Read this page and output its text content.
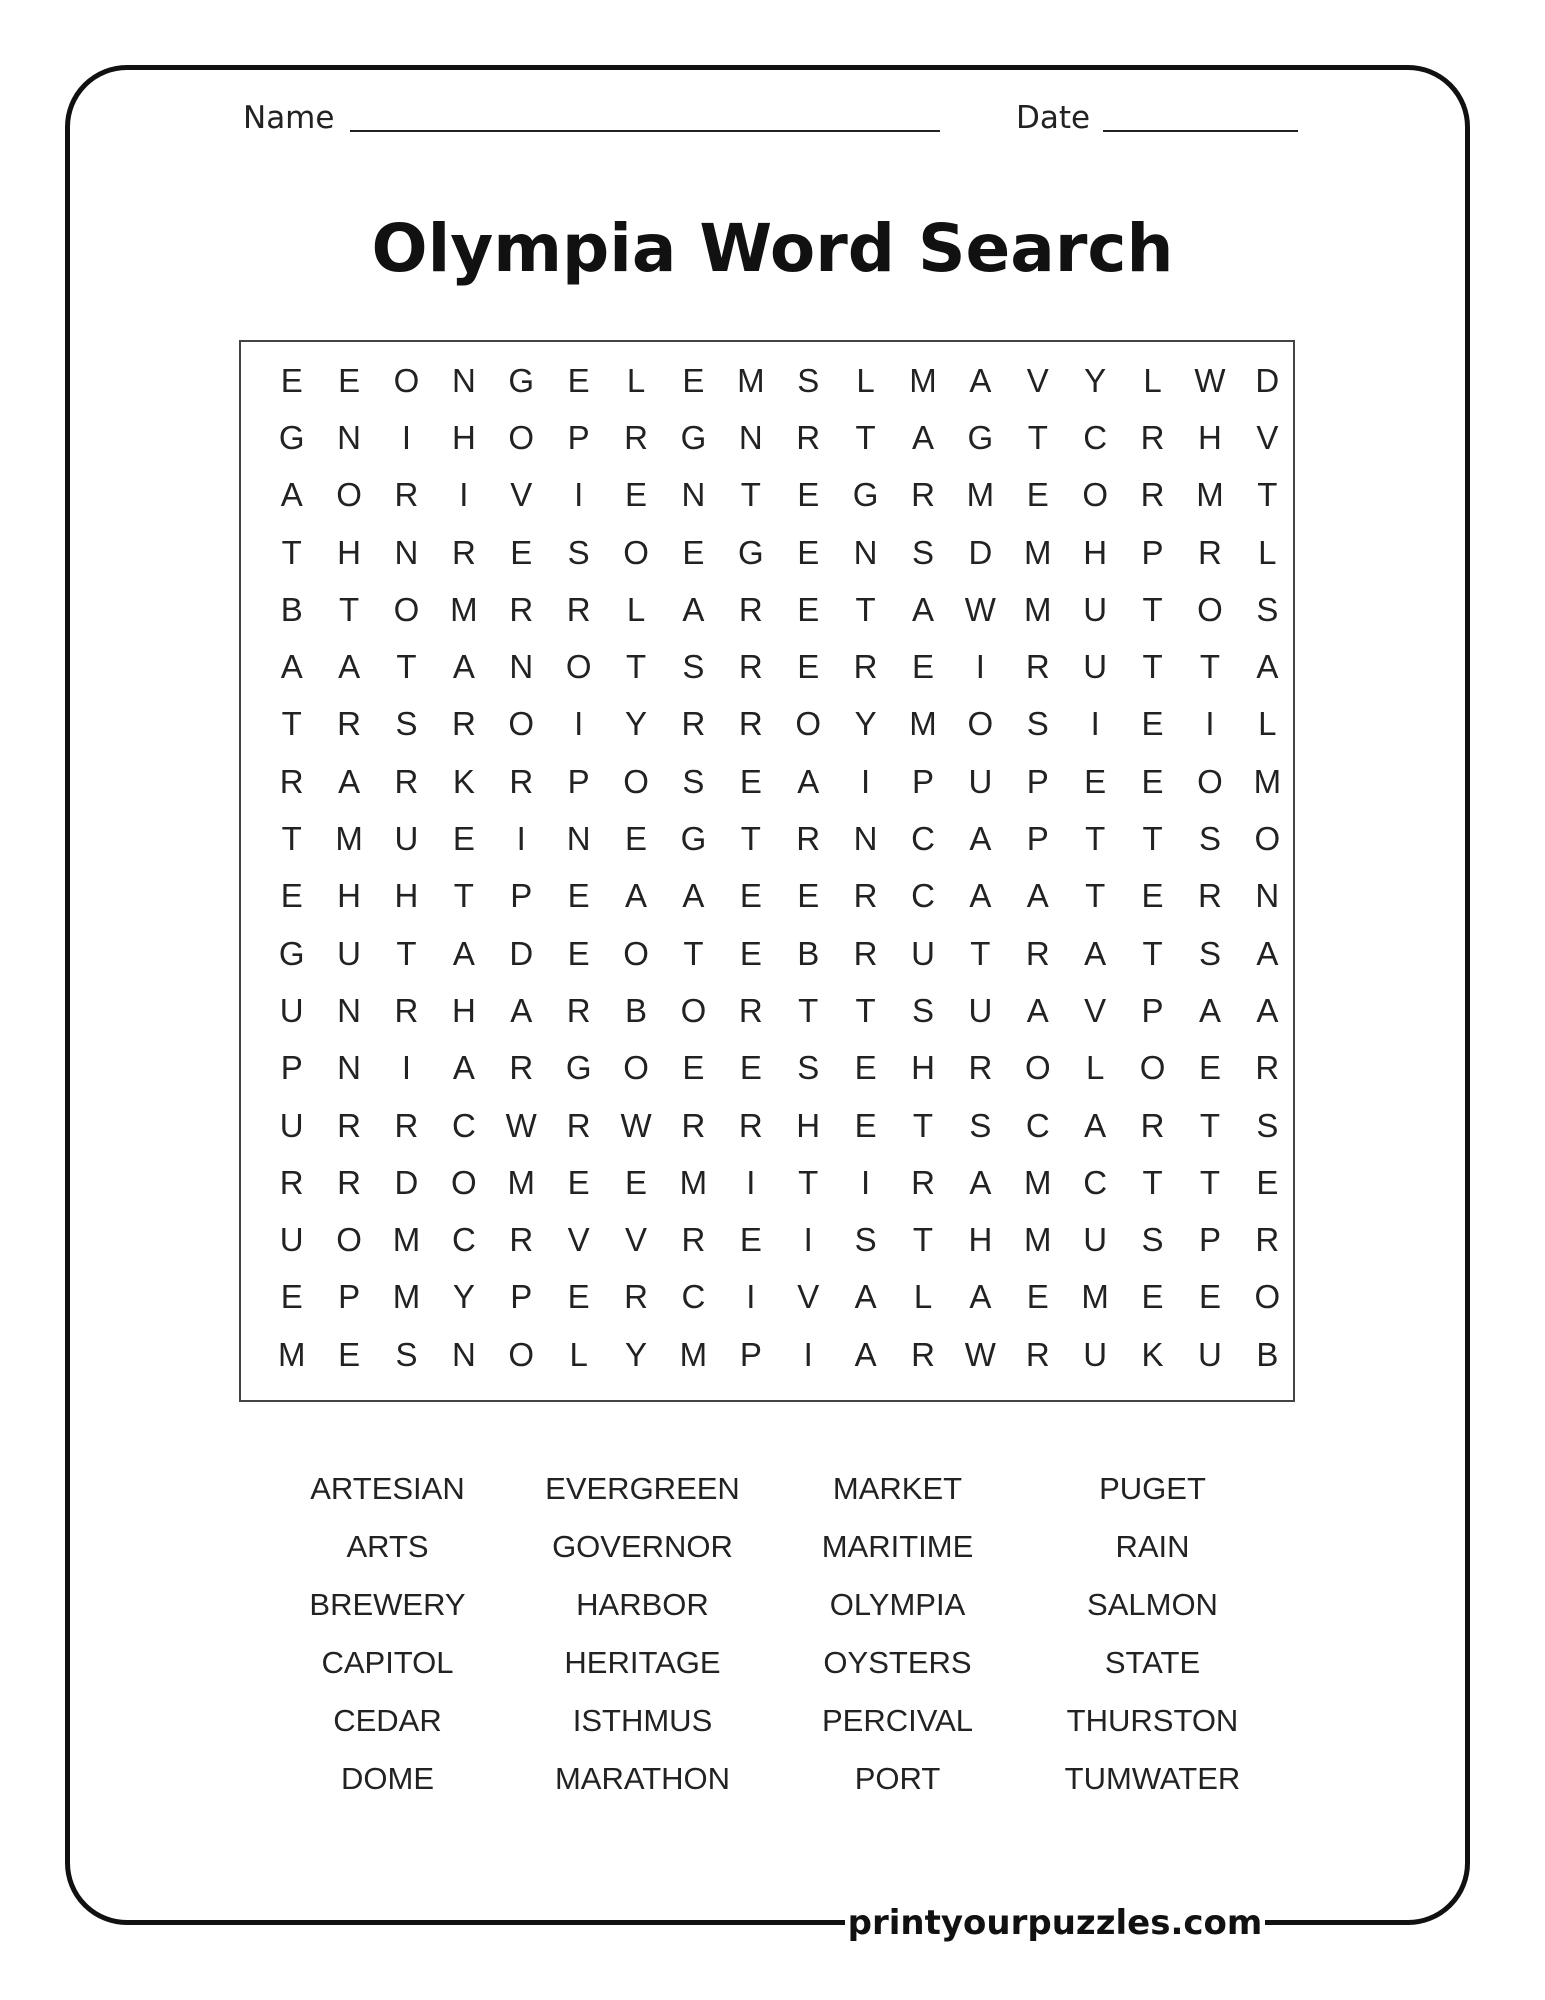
Name	Date
Olympia Word Search
E	E	O N G	E	L	E M S	L	M A	V	Y	L W D
G N	I	H O	P	R G N	R	T	A	G	T	C	R	H	V
A	O R	I	V	I	E	N	T	E	G R M E	O R M	T
T	H	N	R	E	S	O	E	G	E	N	S	D M H	P	R	L
B	T	O M R	R	L	A	R	E	T	A W M U	T	O	S
A	A	T	A	N O	T	S	R	E	R	E	I	R	U	T	T	A
T	R	S	R O	I	Y	R	R O	Y M O	S	I	E	I	L
R	A	R	K	R	P	O	S	E	A	I	P	U	P	E	E	O M
T	M U	E	I	N	E	G	T	R	N	C	A	P	T	T	S	O
E	H	H	T	P	E	A	A	E	E	R	C	A	A	T	E	R	N
G U	T	A	D	E	O	T	E	B	R	U	T	R	A	T	S	A
U	N	R	H	A	R	B	O R	T	T	S	U	A	V	P	A	A
P	N	I	A	R G O	E	E	S	E	H	R O	L	O	E	R
U	R	R	C W R W R	R	H	E	T	S	C	A	R	T	S
R	R	D O M E	E M	I	T	I	R	A M C	T	T	E
U O M C	R	V	V	R	E	I	S	T	H M U	S	P	R
E	P M Y	P	E	R	C	I	V	A	L	A	E M E	E	O
M E	S	N O	L	Y M P	I	A	R W R	U	K	U	B
ARTESIAN	EVERGREEN	MARKET	PUGET
ARTS	GOVERNOR	MARITIME	RAIN
BREWERY	HARBOR	OLYMPIA	SALMON
CAPITOL	HERITAGE	OYSTERS	STATE
CEDAR	ISTHMUS	PERCIVAL	THURSTON
DOME	MARATHON	PORT	TUMWATER
printyourpuzzles.com
